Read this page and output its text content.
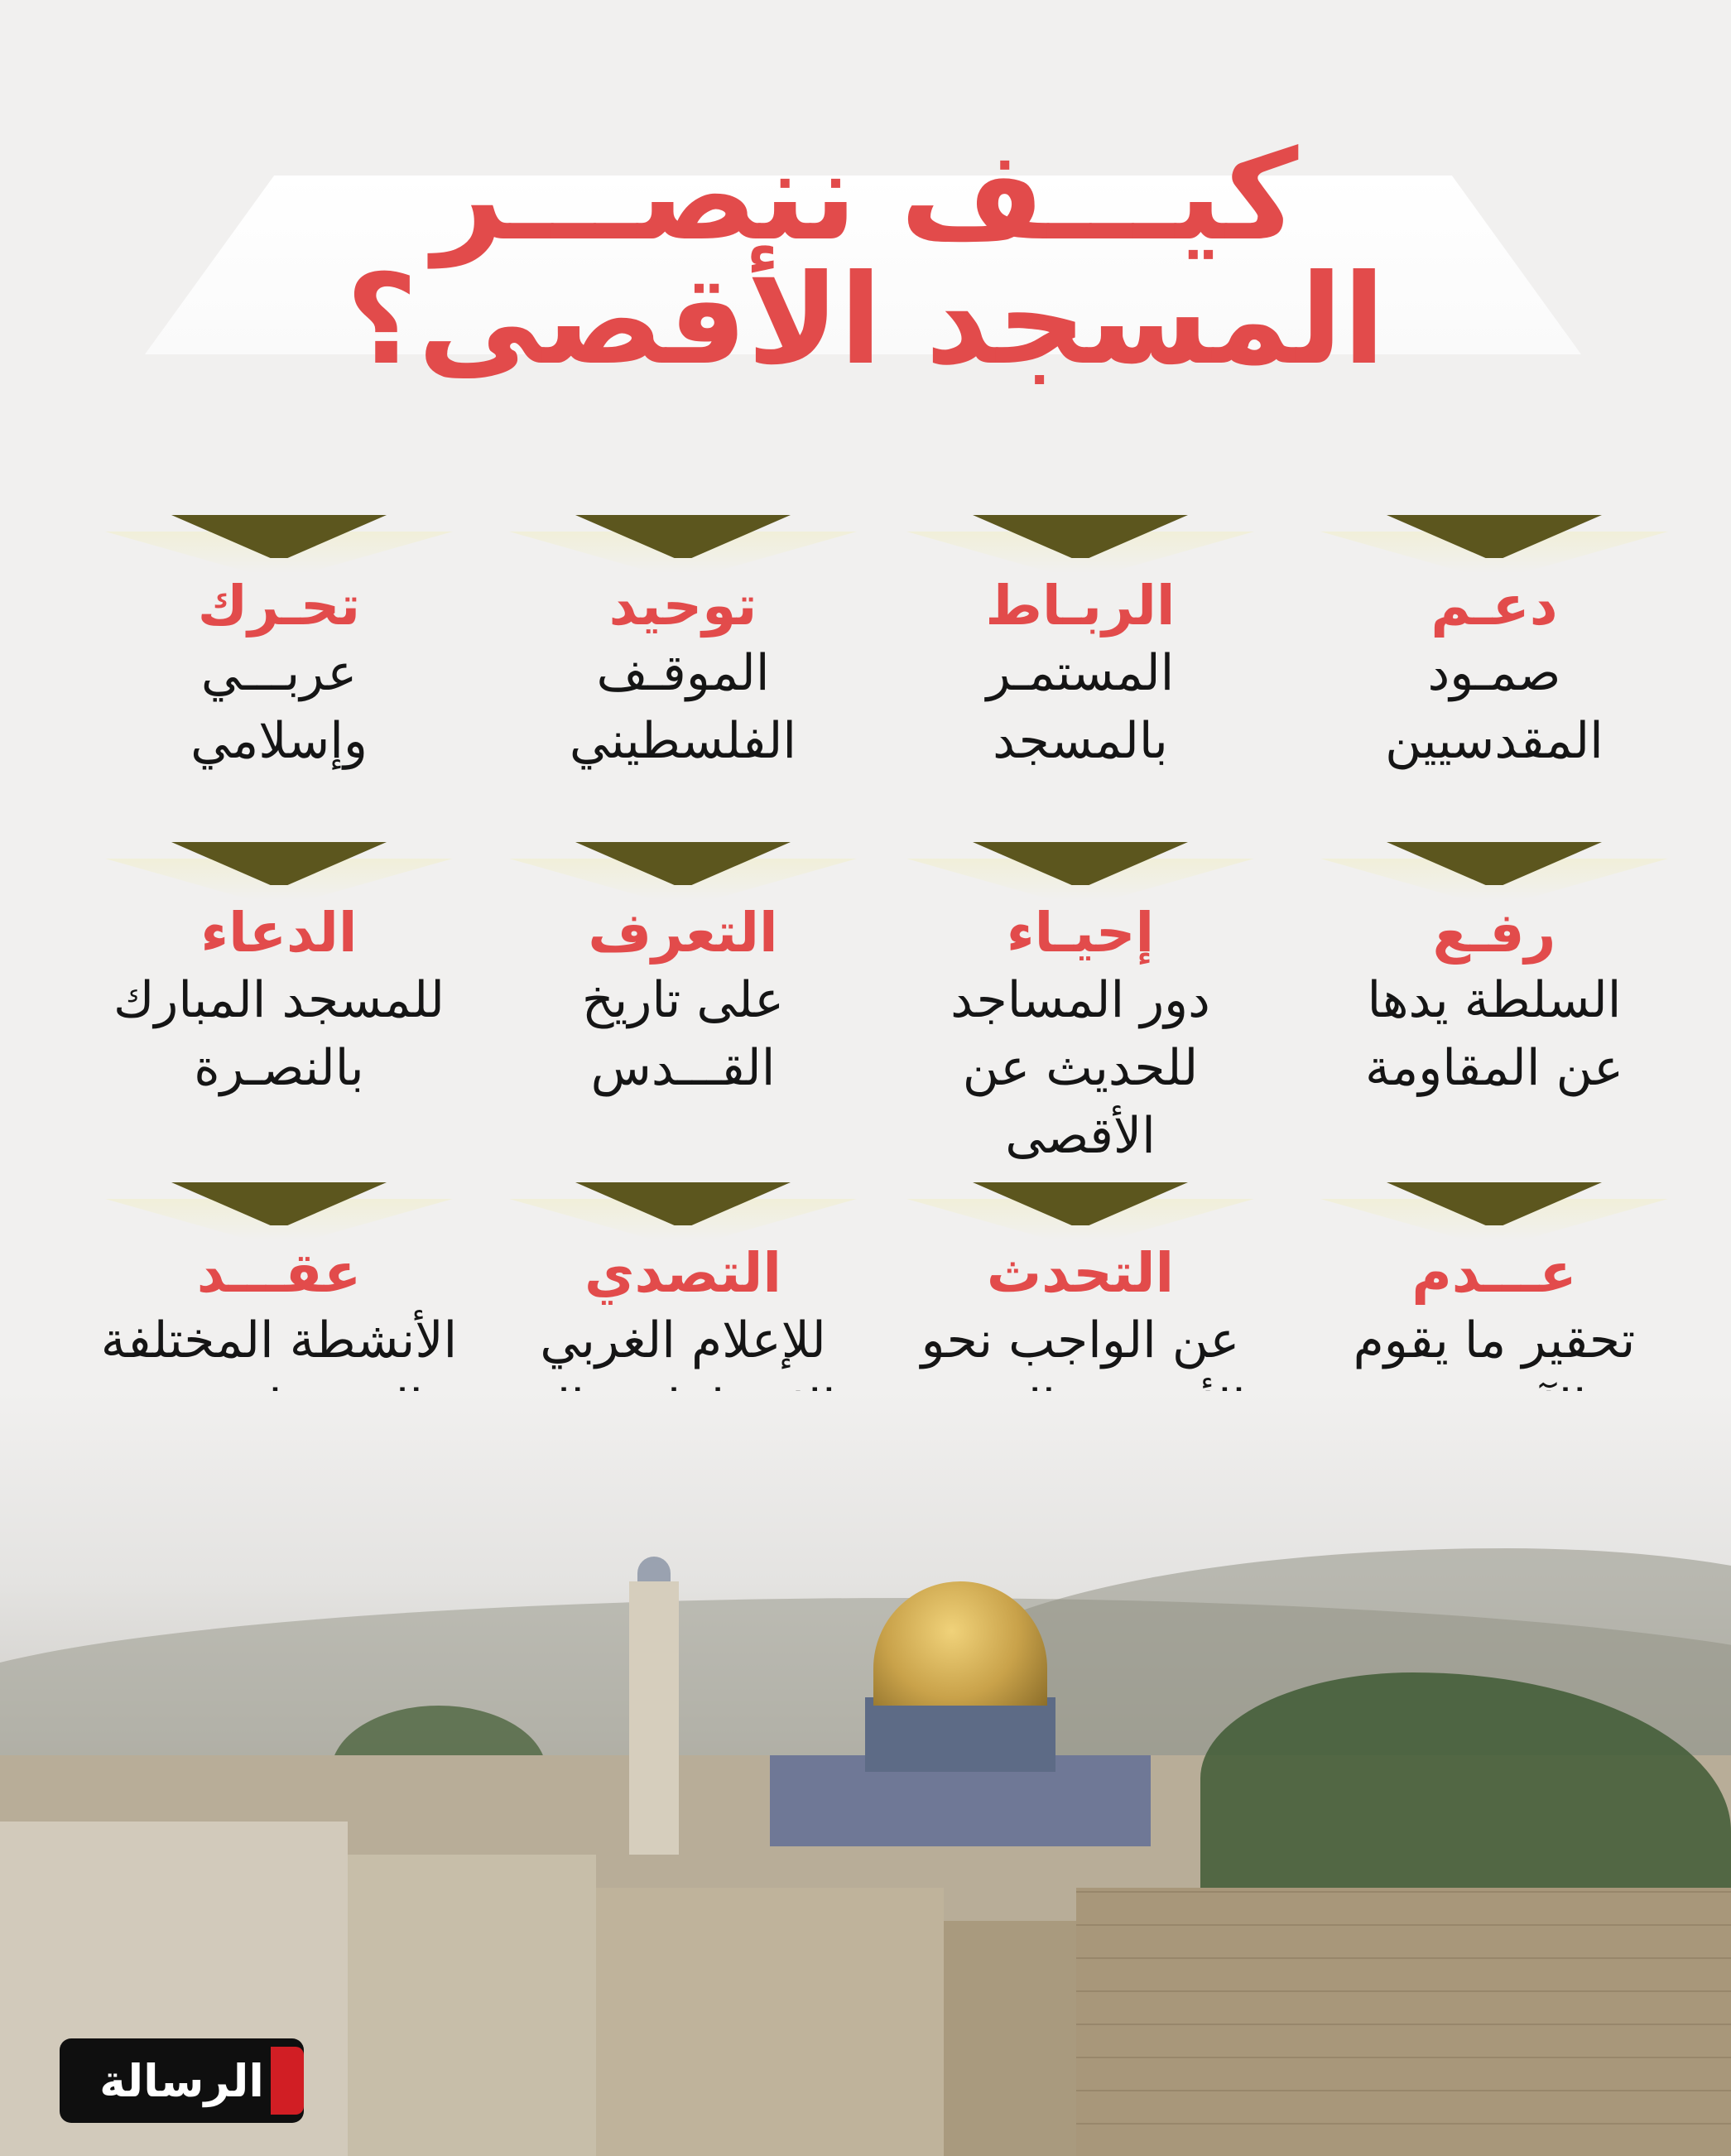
كيـــف ننصـــر
المسجد الأقصى؟
دعـم
صمـود
المقدسيين
الربـاط
المستمـر
بالمسجد
توحيد
الموقـف
الفلسطيني
تحـرك
عربـــي
وإسلامي
رفـع
السلطة يدها
عن المقاومة
إحيـاء
دور المساجد
للحديث عن الأقصى
التعرف
على تاريخ
القـــدس
الدعاء
للمسجد المبارك
بالنصـرة
عـــدم
تحقير ما يقوم
التحدث
عن الواجب نحو
التصدي
للإعلام الغربي
عقـــد
الأنشطة المختلفة
الرسالة
